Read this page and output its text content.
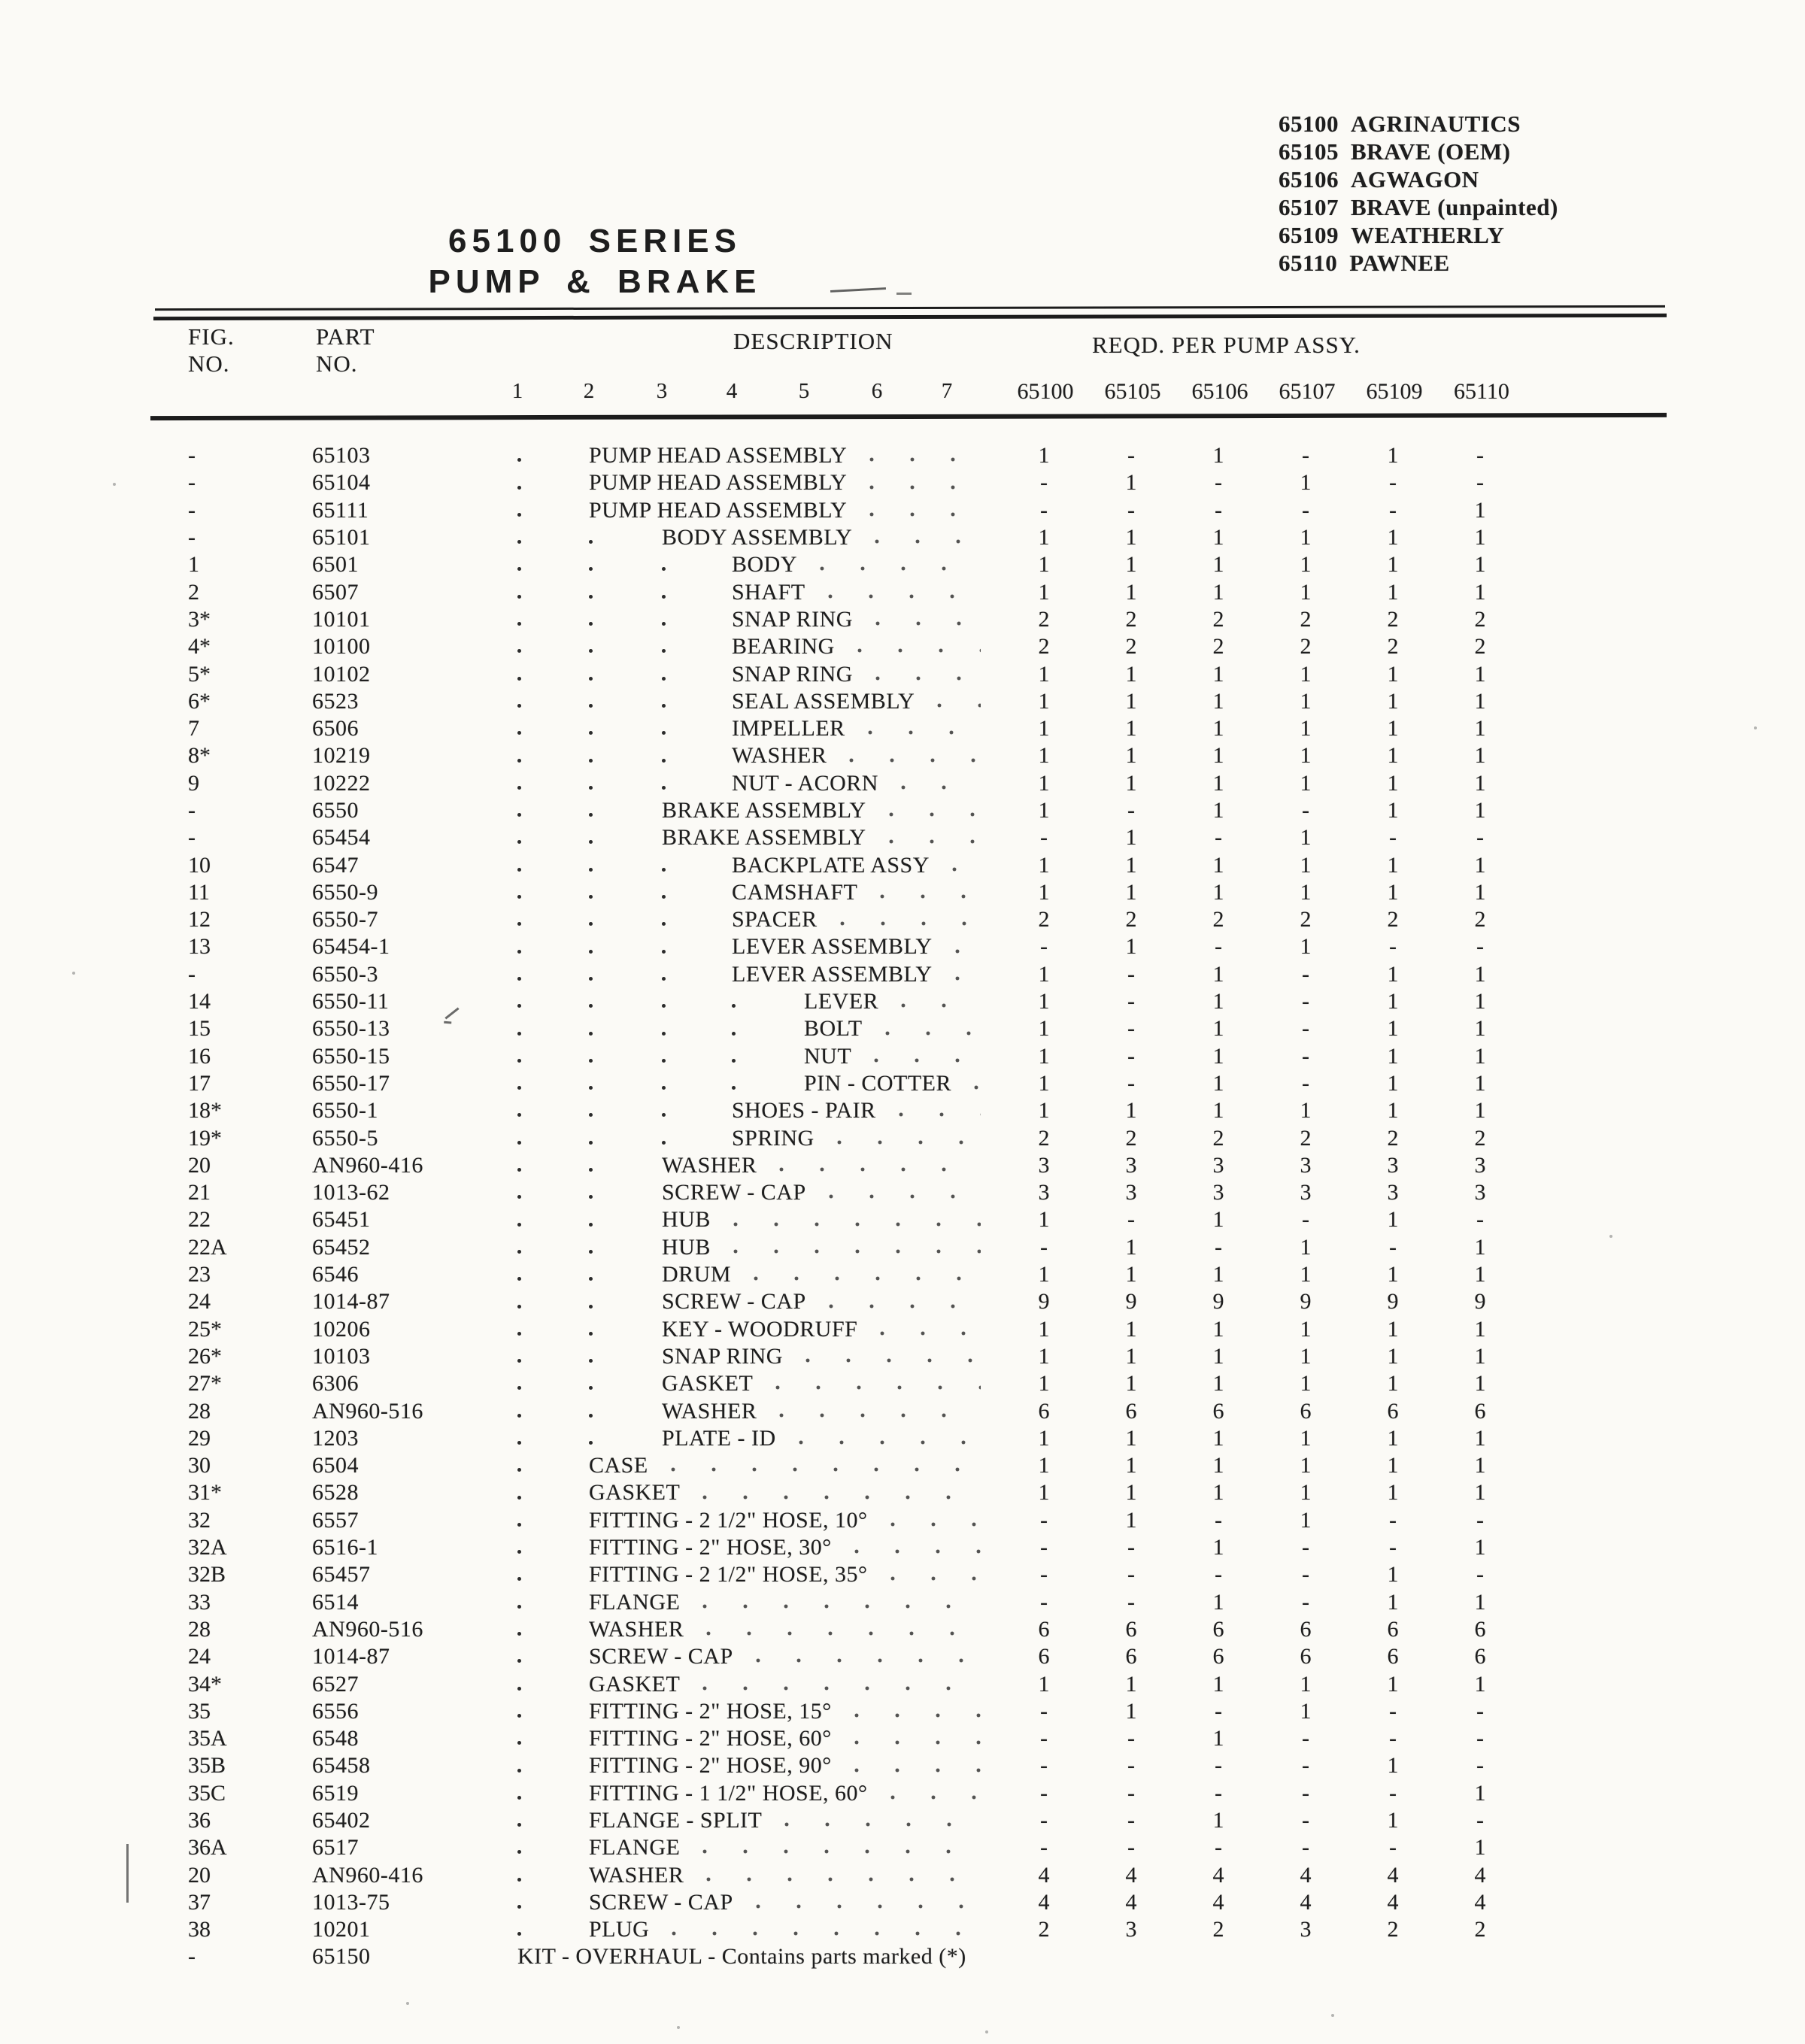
65100 AGRINAUTICS
65105 BRAVE (OEM)
65106 AGWAGON
65107 BRAVE (unpainted)
65109 WEATHERLY
65110 PAWNEE
65100 SERIES
PUMP & BRAKE
FIG.
NO.
PART
NO.
DESCRIPTION	REQD. PER PUMP ASSY.
1	2	3	4	5	6	7	65100	65105	65106	65107	65109	65110
-	65103	PUMP HEAD ASSEMBLY	1	-	1	-	1	-
-	65104	PUMP HEAD ASSEMBLY	-	1	-	1	-	-
-	65111	PUMP HEAD ASSEMBLY	-	-	-	-	-	1
-	65101	BODY ASSEMBLY	1	1	1	1	1	1
1	6501	BODY	1	1	1	1	1	1
2	6507	SHAFT	1	1	1	1	1	1
3*	10101	SNAP RING	2	2	2	2	2	2
4*	10100	BEARING	2	2	2	2	2	2
5*	10102	SNAP RING	1	1	1	1	1	1
6*	6523	SEAL ASSEMBLY	1	1	1	1	1	1
7	6506	IMPELLER	1	1	1	1	1	1
8*	10219	WASHER	1	1	1	1	1	1
9	10222	NUT - ACORN	1	1	1	1	1	1
-	6550	BRAKE ASSEMBLY	1	-	1	-	1	1
-	65454	BRAKE ASSEMBLY	-	1	-	1	-	-
10	6547	BACKPLATE ASSY	1	1	1	1	1	1
11	6550-9	CAMSHAFT	1	1	1	1	1	1
12	6550-7	SPACER	2	2	2	2	2	2
13	65454-1	LEVER ASSEMBLY	-	1	-	1	-	-
-	6550-3	LEVER ASSEMBLY	1	-	1	-	1	1
14	6550-11	LEVER	1	-	1	-	1	1
15	6550-13	BOLT	1	-	1	-	1	1
16	6550-15	NUT	1	-	1	-	1	1
17	6550-17	PIN - COTTER	1	-	1	-	1	1
18*	6550-1	SHOES - PAIR	1	1	1	1	1	1
19*	6550-5	SPRING	2	2	2	2	2	2
20	AN960-416	WASHER	3	3	3	3	3	3
21	1013-62	SCREW - CAP	3	3	3	3	3	3
22	65451	HUB	1	-	1	-	1	-
22A	65452	HUB	-	1	-	1	-	1
23	6546	DRUM	1	1	1	1	1	1
24	1014-87	SCREW - CAP	9	9	9	9	9	9
25*	10206	KEY - WOODRUFF	1	1	1	1	1	1
26*	10103	SNAP RING	1	1	1	1	1	1
27*	6306	GASKET	1	1	1	1	1	1
28	AN960-516	WASHER	6	6	6	6	6	6
29	1203	PLATE - ID	1	1	1	1	1	1
30	6504	CASE	1	1	1	1	1	1
31*	6528	GASKET	1	1	1	1	1	1
32	6557	FITTING - 2 1/2" HOSE, 10°	-	1	-	1	-	-
32A	6516-1	FITTING - 2" HOSE, 30°	-	-	1	-	-	1
32B	65457	FITTING - 2 1/2" HOSE, 35°	-	-	-	-	1	-
33	6514	FLANGE	-	-	1	-	1	1
28	AN960-516	WASHER	6	6	6	6	6	6
24	1014-87	SCREW - CAP	6	6	6	6	6	6
34*	6527	GASKET	1	1	1	1	1	1
35	6556	FITTING - 2" HOSE, 15°	-	1	-	1	-	-
35A	6548	FITTING - 2" HOSE, 60°	-	-	1	-	-	-
35B	65458	FITTING - 2" HOSE, 90°	-	-	-	-	1	-
35C	6519	FITTING - 1 1/2" HOSE, 60°	-	-	-	-	-	1
36	65402	FLANGE - SPLIT	-	-	1	-	1	-
36A	6517	FLANGE	-	-	-	-	-	1
20	AN960-416	WASHER	4	4	4	4	4	4
37	1013-75	SCREW - CAP	4	4	4	4	4	4
38	10201	PLUG	2	3	2	3	2	2
-	65150	KIT - OVERHAUL - Contains parts marked (*)
